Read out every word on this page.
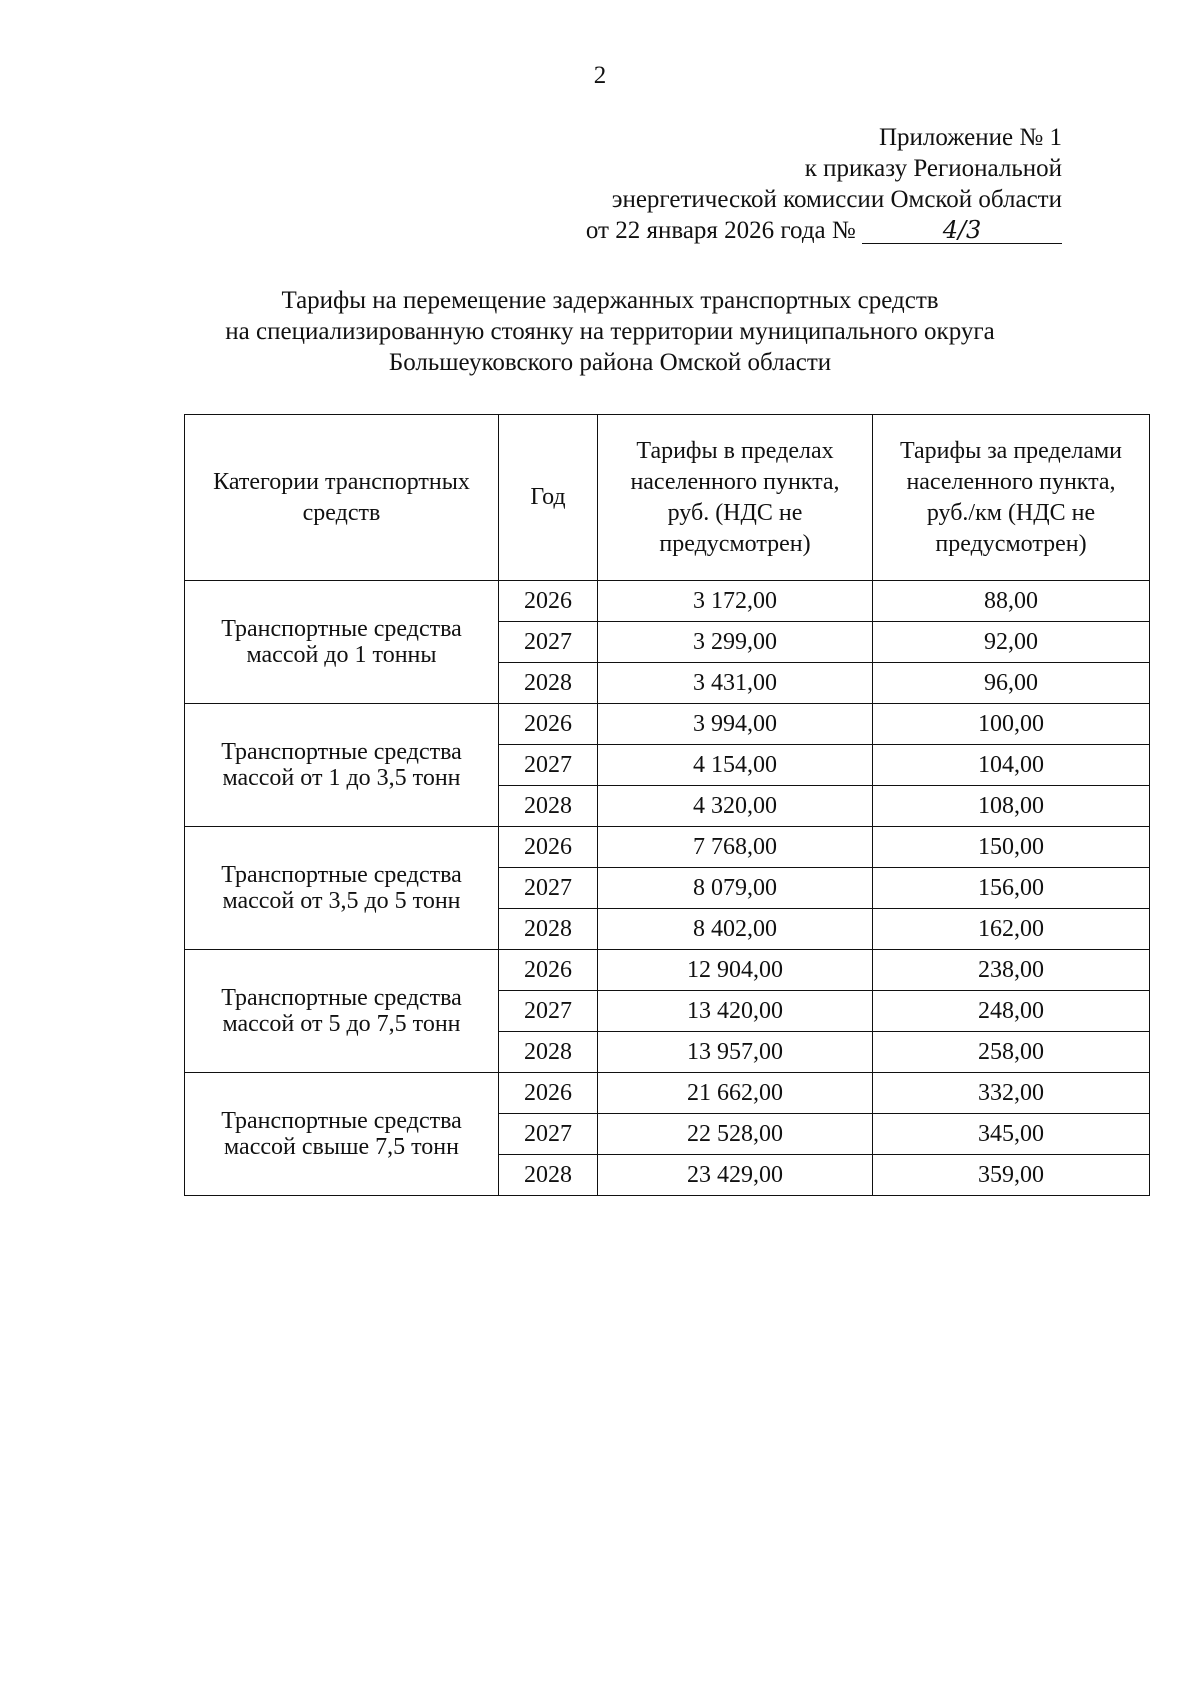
2
Приложение № 1
к приказу Региональной
энергетической комиссии Омской области
от 22 января 2026 года №	4/3
Тарифы на перемещение задержанных транспортных средств
на специализированную стоянку на территории муниципального округа
Большеуковского района Омской области
Категории транспортных средств	Год	Тарифы в пределах населенного пункта, руб. (НДС не предусмотрен)	Тарифы за пределами населенного пункта, руб./км (НДС не предусмотрен)
Транспортные средства массой до 1 тонны	2026	3 172,00	88,00
	2027	3 299,00	92,00
	2028	3 431,00	96,00
Транспортные средства массой от 1 до 3,5 тонн	2026	3 994,00	100,00
	2027	4 154,00	104,00
	2028	4 320,00	108,00
Транспортные средства массой от 3,5 до 5 тонн	2026	7 768,00	150,00
	2027	8 079,00	156,00
	2028	8 402,00	162,00
Транспортные средства массой от 5 до 7,5 тонн	2026	12 904,00	238,00
	2027	13 420,00	248,00
	2028	13 957,00	258,00
Транспортные средства массой свыше 7,5 тонн	2026	21 662,00	332,00
	2027	22 528,00	345,00
	2028	23 429,00	359,00
